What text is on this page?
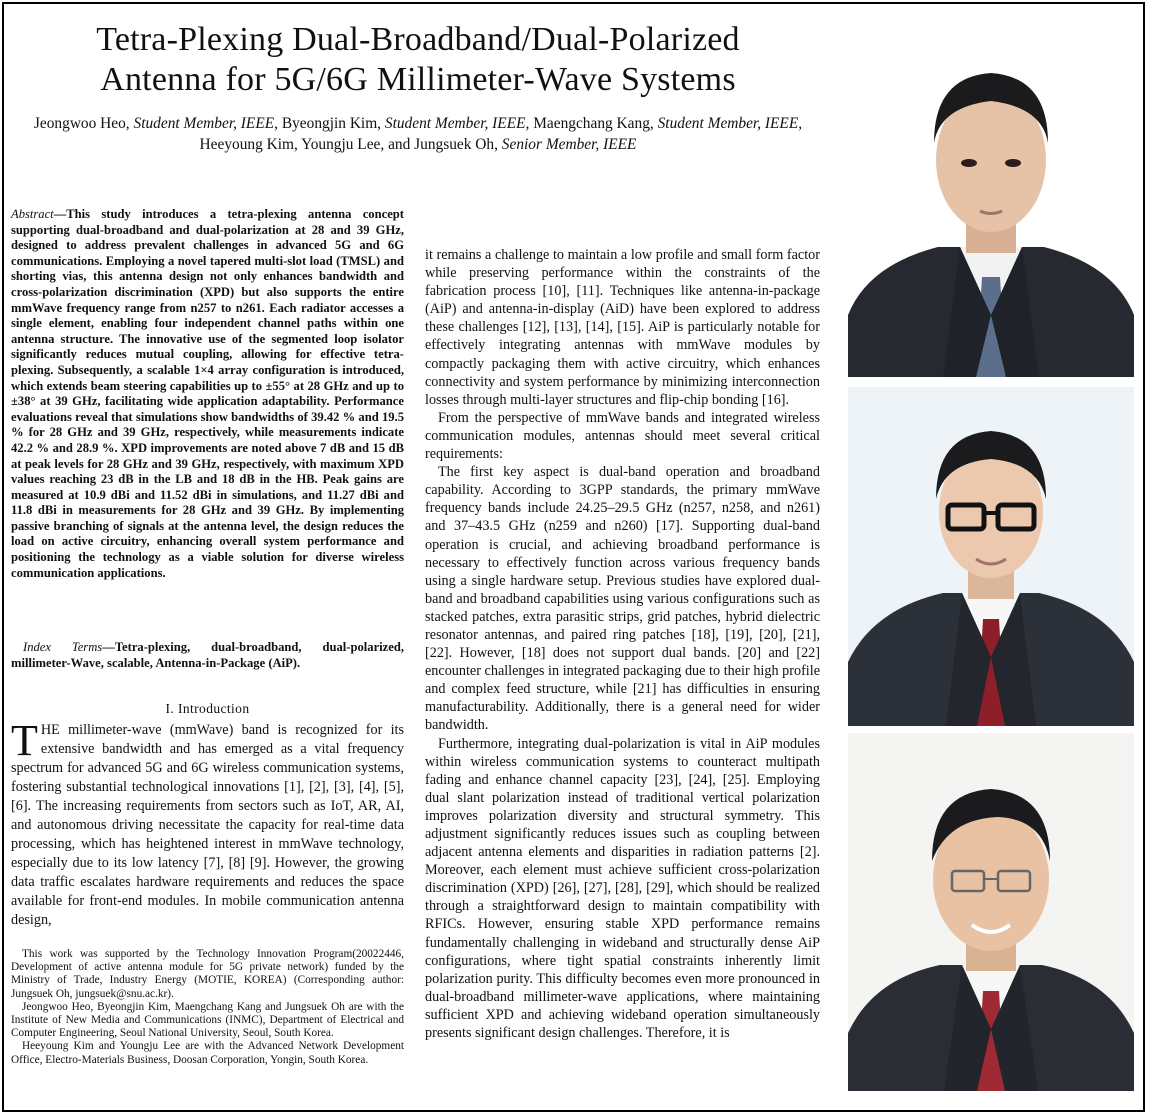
Tetra-Plexing Dual-Broadband/Dual-Polarized
Antenna for 5G/6G Millimeter-Wave Systems
Jeongwoo Heo, Student Member, IEEE, Byeongjin Kim, Student Member, IEEE, Maengchang Kang, Student Member, IEEE, Heeyoung Kim, Youngju Lee, and Jungsuek Oh, Senior Member, IEEE
Abstract—This study introduces a tetra-plexing antenna concept supporting dual-broadband and dual-polarization at 28 and 39 GHz, designed to address prevalent challenges in advanced 5G and 6G communications. Employing a novel tapered multi-slot load (TMSL) and shorting vias, this antenna design not only enhances bandwidth and cross-polarization discrimination (XPD) but also supports the entire mmWave frequency range from n257 to n261. Each radiator accesses a single element, enabling four independent channel paths within one antenna structure. The innovative use of the segmented loop isolator significantly reduces mutual coupling, allowing for effective tetra-plexing. Subsequently, a scalable 1×4 array configuration is introduced, which extends beam steering capabilities up to ±55° at 28 GHz and up to ±38° at 39 GHz, facilitating wide application adaptability. Performance evaluations reveal that simulations show bandwidths of 39.42 % and 19.5 % for 28 GHz and 39 GHz, respectively, while measurements indicate 42.2 % and 28.9 %. XPD improvements are noted above 7 dB and 15 dB at peak levels for 28 GHz and 39 GHz, respectively, with maximum XPD values reaching 23 dB in the LB and 18 dB in the HB. Peak gains are measured at 10.9 dBi and 11.52 dBi in simulations, and 11.27 dBi and 11.8 dBi in measurements for 28 GHz and 39 GHz. By implementing passive branching of signals at the antenna level, the design reduces the load on active circuitry, enhancing overall system performance and positioning the technology as a viable solution for diverse wireless communication applications.
Index Terms—Tetra-plexing, dual-broadband, dual-polarized, millimeter-Wave, scalable, Antenna-in-Package (AiP).
I. Introduction
THE millimeter-wave (mmWave) band is recognized for its extensive bandwidth and has emerged as a vital frequency spectrum for advanced 5G and 6G wireless communication systems, fostering substantial technological innovations [1], [2], [3], [4], [5], [6]. The increasing requirements from sectors such as IoT, AR, AI, and autonomous driving necessitate the capacity for real-time data processing, which has heightened interest in mmWave technology, especially due to its low latency [7], [8] [9]. However, the growing data traffic escalates hardware requirements and reduces the space available for front-end modules. In mobile communication antenna design,

This work was supported by the Technology Innovation Program(20022446, Development of active antenna module for 5G private network) funded by the Ministry of Trade, Industry Energy (MOTIE, KOREA) (Corresponding author: Jungsuek Oh, jungsuek@snu.ac.kr).

Jeongwoo Heo, Byeongjin Kim, Maengchang Kang and Jungsuek Oh are with the Institute of New Media and Communications (INMC), Department of Electrical and Computer Engineering, Seoul National University, Seoul, South Korea.

Heeyoung Kim and Youngju Lee are with the Advanced Network Development Office, Electro-Materials Business, Doosan Corporation, Yongin, South Korea.

it remains a challenge to maintain a low profile and small form factor while preserving performance within the constraints of the fabrication process [10], [11]. Techniques like antenna-in-package (AiP) and antenna-in-display (AiD) have been explored to address these challenges [12], [13], [14], [15]. AiP is particularly notable for effectively integrating antennas with mmWave modules by compactly packaging them with active circuitry, which enhances connectivity and system performance by minimizing interconnection losses through multi-layer structures and flip-chip bonding [16].

From the perspective of mmWave bands and integrated wireless communication modules, antennas should meet several critical requirements:

The first key aspect is dual-band operation and broadband capability. According to 3GPP standards, the primary mmWave frequency bands include 24.25–29.5 GHz (n257, n258, and n261) and 37–43.5 GHz (n259 and n260) [17]. Supporting dual-band operation is crucial, and achieving broadband performance is necessary to effectively function across various frequency bands using a single hardware setup. Previous studies have explored dual-band and broadband capabilities using various configurations such as stacked patches, extra parasitic strips, grid patches, hybrid dielectric resonator antennas, and paired ring patches [18], [19], [20], [21], [22]. However, [18] does not support dual bands. [20] and [22] encounter challenges in integrated packaging due to their high profile and complex feed structure, while [21] has difficulties in ensuring manufacturability. Additionally, there is a general need for wider bandwidth.

Furthermore, integrating dual-polarization is vital in AiP modules within wireless communication systems to counteract multipath fading and enhance channel capacity [23], [24], [25]. Employing dual slant polarization instead of traditional vertical polarization improves polarization diversity and structural symmetry. This adjustment significantly reduces issues such as coupling between adjacent antenna elements and disparities in radiation patterns [2]. Moreover, each element must achieve sufficient cross-polarization discrimination (XPD) [26], [27], [28], [29], which should be realized through a straightforward design to maintain compatibility with RFICs. However, ensuring stable XPD performance remains fundamentally challenging in wideband and structurally dense AiP configurations, where tight spatial constraints inherently limit polarization purity. This difficulty becomes even more pronounced in dual-broadband millimeter-wave applications, where maintaining sufficient XPD and achieving wideband operation simultaneously presents significant design challenges. Therefore, it is
